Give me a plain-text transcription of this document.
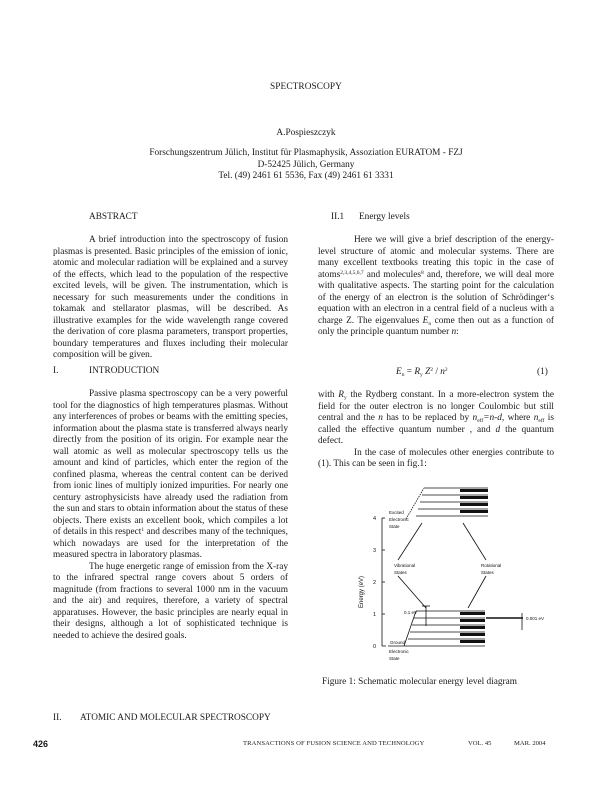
SPECTROSCOPY
A.Pospieszczyk
Forschungszentrum Jülich, Institut für Plasmaphysik, Assoziation EURATOM - FZJ
D-52425 Jülich, Germany
Tel. (49) 2461 61 5536, Fax (49) 2461 61 3331
ABSTRACT

A brief introduction into the spectroscopy of fusion plasmas is presented. Basic principles of the emission of ionic, atomic and molecular radiation will be explained and a survey of the effects, which lead to the population of the respective excited levels, will be given. The instrumentation, which is necessary for such measurements under the conditions in tokamak and stellarator plasmas, will be described. As illustrative examples for the wide wavelength range covered the derivation of core plasma parameters, transport properties, boundary temperatures and fluxes including their molecular composition will be given.

I.	INTRODUCTION

Passive plasma spectroscopy can be a very powerful tool for the diagnostics of high temperatures plasmas. Without any interferences of probes or beams with the emitting species, information about the plasma state is transferred always nearly directly from the position of its origin. For example near the wall atomic as well as molecular spectroscopy tells us the amount and kind of particles, which enter the region of the confined plasma, whereas the central content can be derived from ionic lines of multiply ionized impurities. For nearly one century astrophysicists have already used the radiation from the sun and stars to obtain information about the status of these objects. There exists an excellent book, which compiles a lot of details in this respect$^1$ and describes many of the techniques, which nowadays are used for the interpretation of the measured spectra in laboratory plasmas.

The huge energetic range of emission from the X-ray to the infrared spectral range covers about 5 orders of magnitude (from fractions to several 1000 nm in the vacuum and the air) and requires, therefore, a variety of spectral apparatuses. However, the basic principles are nearly equal in their designs, although a lot of sophisticated technique is needed to achieve the desired goals.

II. ATOMIC AND MOLECULAR SPECTROSCOPY
II.1 Energy levels

Here we will give a brief description of the energy-level structure of atomic and molecular systems. There are many excellent textbooks treating this topic in the case of atoms$^{2,3,4,5,6,7}$ and molecules$^8$ and, therefore, we will deal more with qualitative aspects. The starting point for the calculation of the energy of an electron is the solution of Schrödinger‘s equation with an electron in a central field of a nucleus with a charge Z. The eigenvalues $E_n$ come then out as a function of only the principle quantum number n:

$E_n = R_y$ $Z^2 / n^2$	(1)

with $R_y$ the Rydberg constant. In a more-electron system the field for the outer electron is no longer Coulombic but still central and the n has to be replaced by $n_{eff}=n-d$, where $n_{eff}$ is called the effective quantum number , and d the quantum defect.

In the case of molecules other energies contribute to (1). This can be seen in fig.1:

0
1
2
3
4
Energy (eV)
Excited
Electronic
State
Ground
Electronic
State
Vibrational
States
Rotational
States
0.1 eV
0.001 eV
Figure 1: Schematic molecular energy level diagram
426	TRANSACTIONS OF FUSION SCIENCE AND TECHNOLOGY	VOL. 45	MAR. 2004
